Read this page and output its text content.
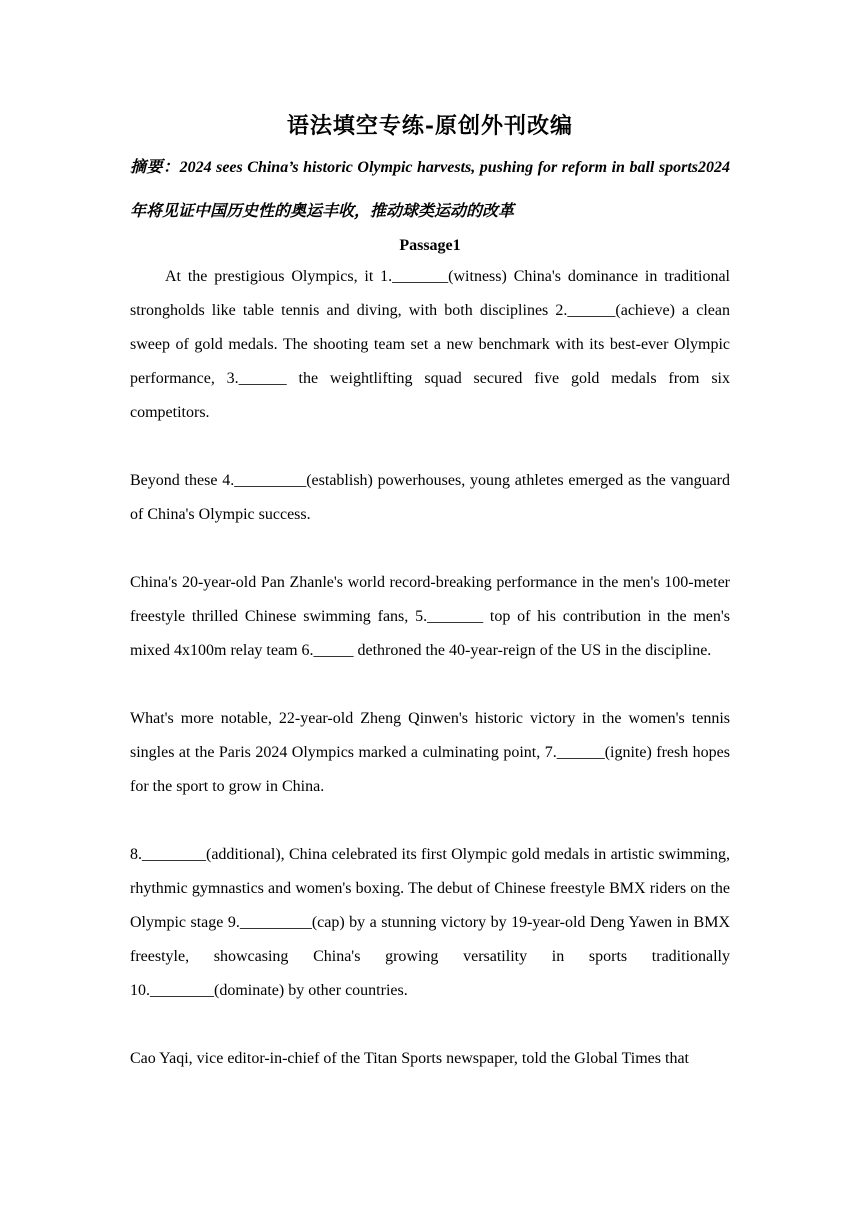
语法填空专练-原创外刊改编

摘要：2024 sees China’s historic Olympic harvests, pushing for reform in ball sports2024 年将见证中国历史性的奥运丰收，推动球类运动的改革

Passage1

At the prestigious Olympics, it 1._______(witness) China's dominance in traditional strongholds like table tennis and diving, with both disciplines 2.______(achieve) a clean sweep of gold medals. The shooting team set a new benchmark with its best-ever Olympic performance, 3.______ the weightlifting squad secured five gold medals from six competitors.

Beyond these 4._________(establish) powerhouses, young athletes emerged as the vanguard of China's Olympic success.

China's 20-year-old Pan Zhanle's world record-breaking performance in the men's 100-meter freestyle thrilled Chinese swimming fans, 5._______ top of his contribution in the men's mixed 4x100m relay team 6._____ dethroned the 40-year-reign of the US in the discipline.

What's more notable, 22-year-old Zheng Qinwen's historic victory in the women's tennis singles at the Paris 2024 Olympics marked a culminating point, 7.______(ignite) fresh hopes for the sport to grow in China.

8.________(additional), China celebrated its first Olympic gold medals in artistic swimming, rhythmic gymnastics and women's boxing. The debut of Chinese freestyle BMX riders on the Olympic stage 9._________(cap) by a stunning victory by 19-year-old Deng Yawen in BMX freestyle, showcasing China's growing versatility in sports traditionally 10.________(dominate) by other countries.

Cao Yaqi, vice editor-in-chief of the Titan Sports newspaper, told the Global Times that
